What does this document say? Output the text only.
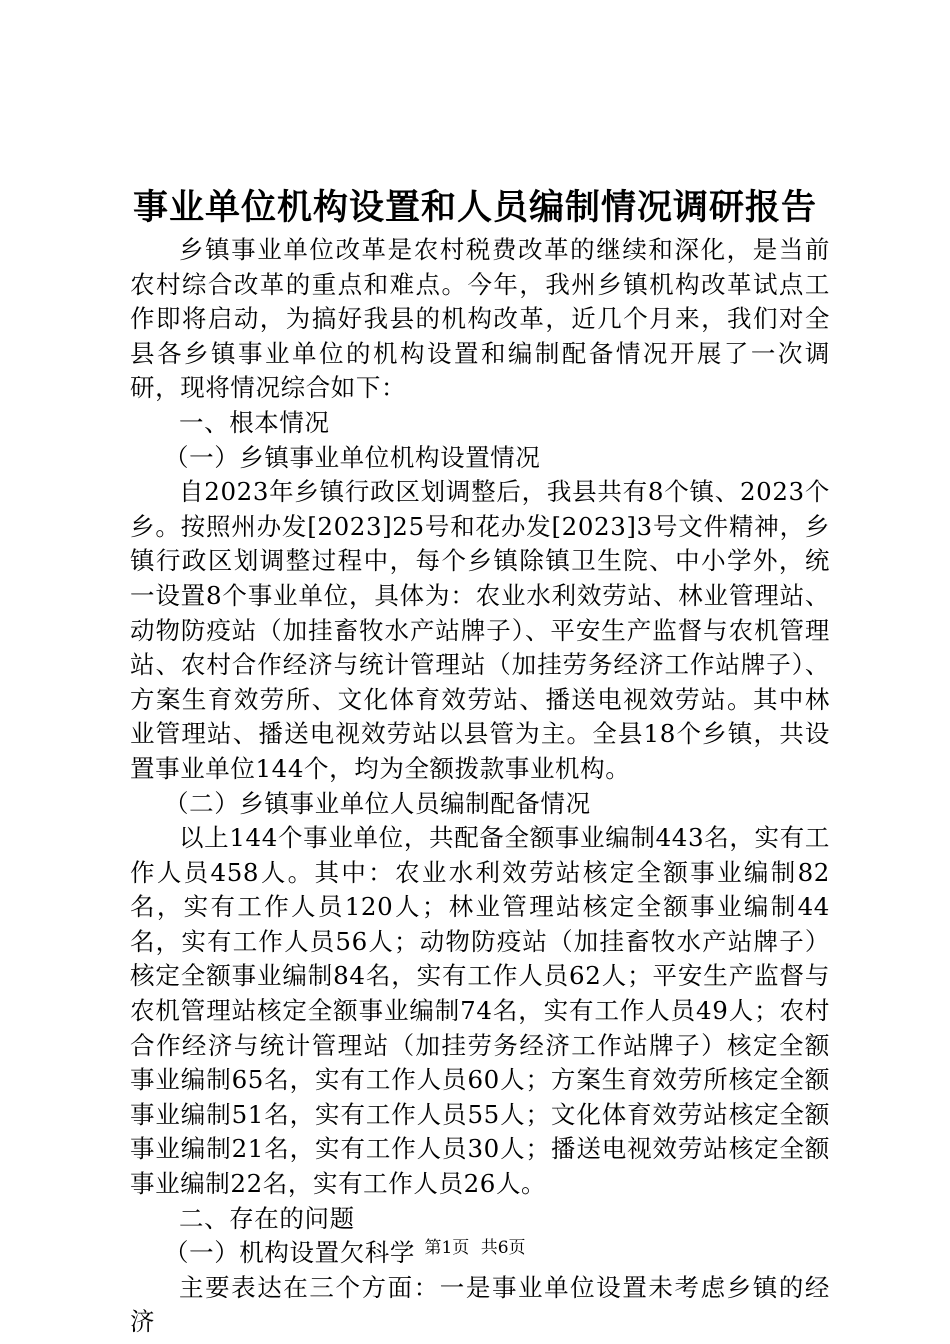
事业单位机构设置和人员编制情况调研报告

乡镇事业单位改革是农村税费改革的继续和深化，是当前农村综合改革的重点和难点。今年，我州乡镇机构改革试点工作即将启动，为搞好我县的机构改革，近几个月来，我们对全县各乡镇事业单位的机构设置和编制配备情况开展了一次调研，现将情况综合如下：

一、根本情况

（一）乡镇事业单位机构设置情况

自2023年乡镇行政区划调整后，我县共有8个镇、2023个乡。按照州办发[2023]25号和花办发[2023]3号文件精神，乡镇行政区划调整过程中，每个乡镇除镇卫生院、中小学外，统一设置8个事业单位，具体为：农业水利效劳站、林业管理站、动物防疫站（加挂畜牧水产站牌子）、平安生产监督与农机管理站、农村合作经济与统计管理站（加挂劳务经济工作站牌子）、方案生育效劳所、文化体育效劳站、播送电视效劳站。其中林业管理站、播送电视效劳站以县管为主。全县18个乡镇，共设置事业单位144个，均为全额拨款事业机构。

（二）乡镇事业单位人员编制配备情况

以上144个事业单位，共配备全额事业编制443名，实有工作人员458人。其中：农业水利效劳站核定全额事业编制82名，实有工作人员120人；林业管理站核定全额事业编制44名，实有工作人员56人；动物防疫站（加挂畜牧水产站牌子）核定全额事业编制84名，实有工作人员62人；平安生产监督与农机管理站核定全额事业编制74名，实有工作人员49人；农村合作经济与统计管理站（加挂劳务经济工作站牌子）核定全额事业编制65名，实有工作人员60人；方案生育效劳所核定全额事业编制51名，实有工作人员55人；文化体育效劳站核定全额事业编制21名，实有工作人员30人；播送电视效劳站核定全额事业编制22名，实有工作人员26人。

二、存在的问题

（一）机构设置欠科学

主要表达在三个方面：一是事业单位设置未考虑乡镇的经济

第1页 共6页
